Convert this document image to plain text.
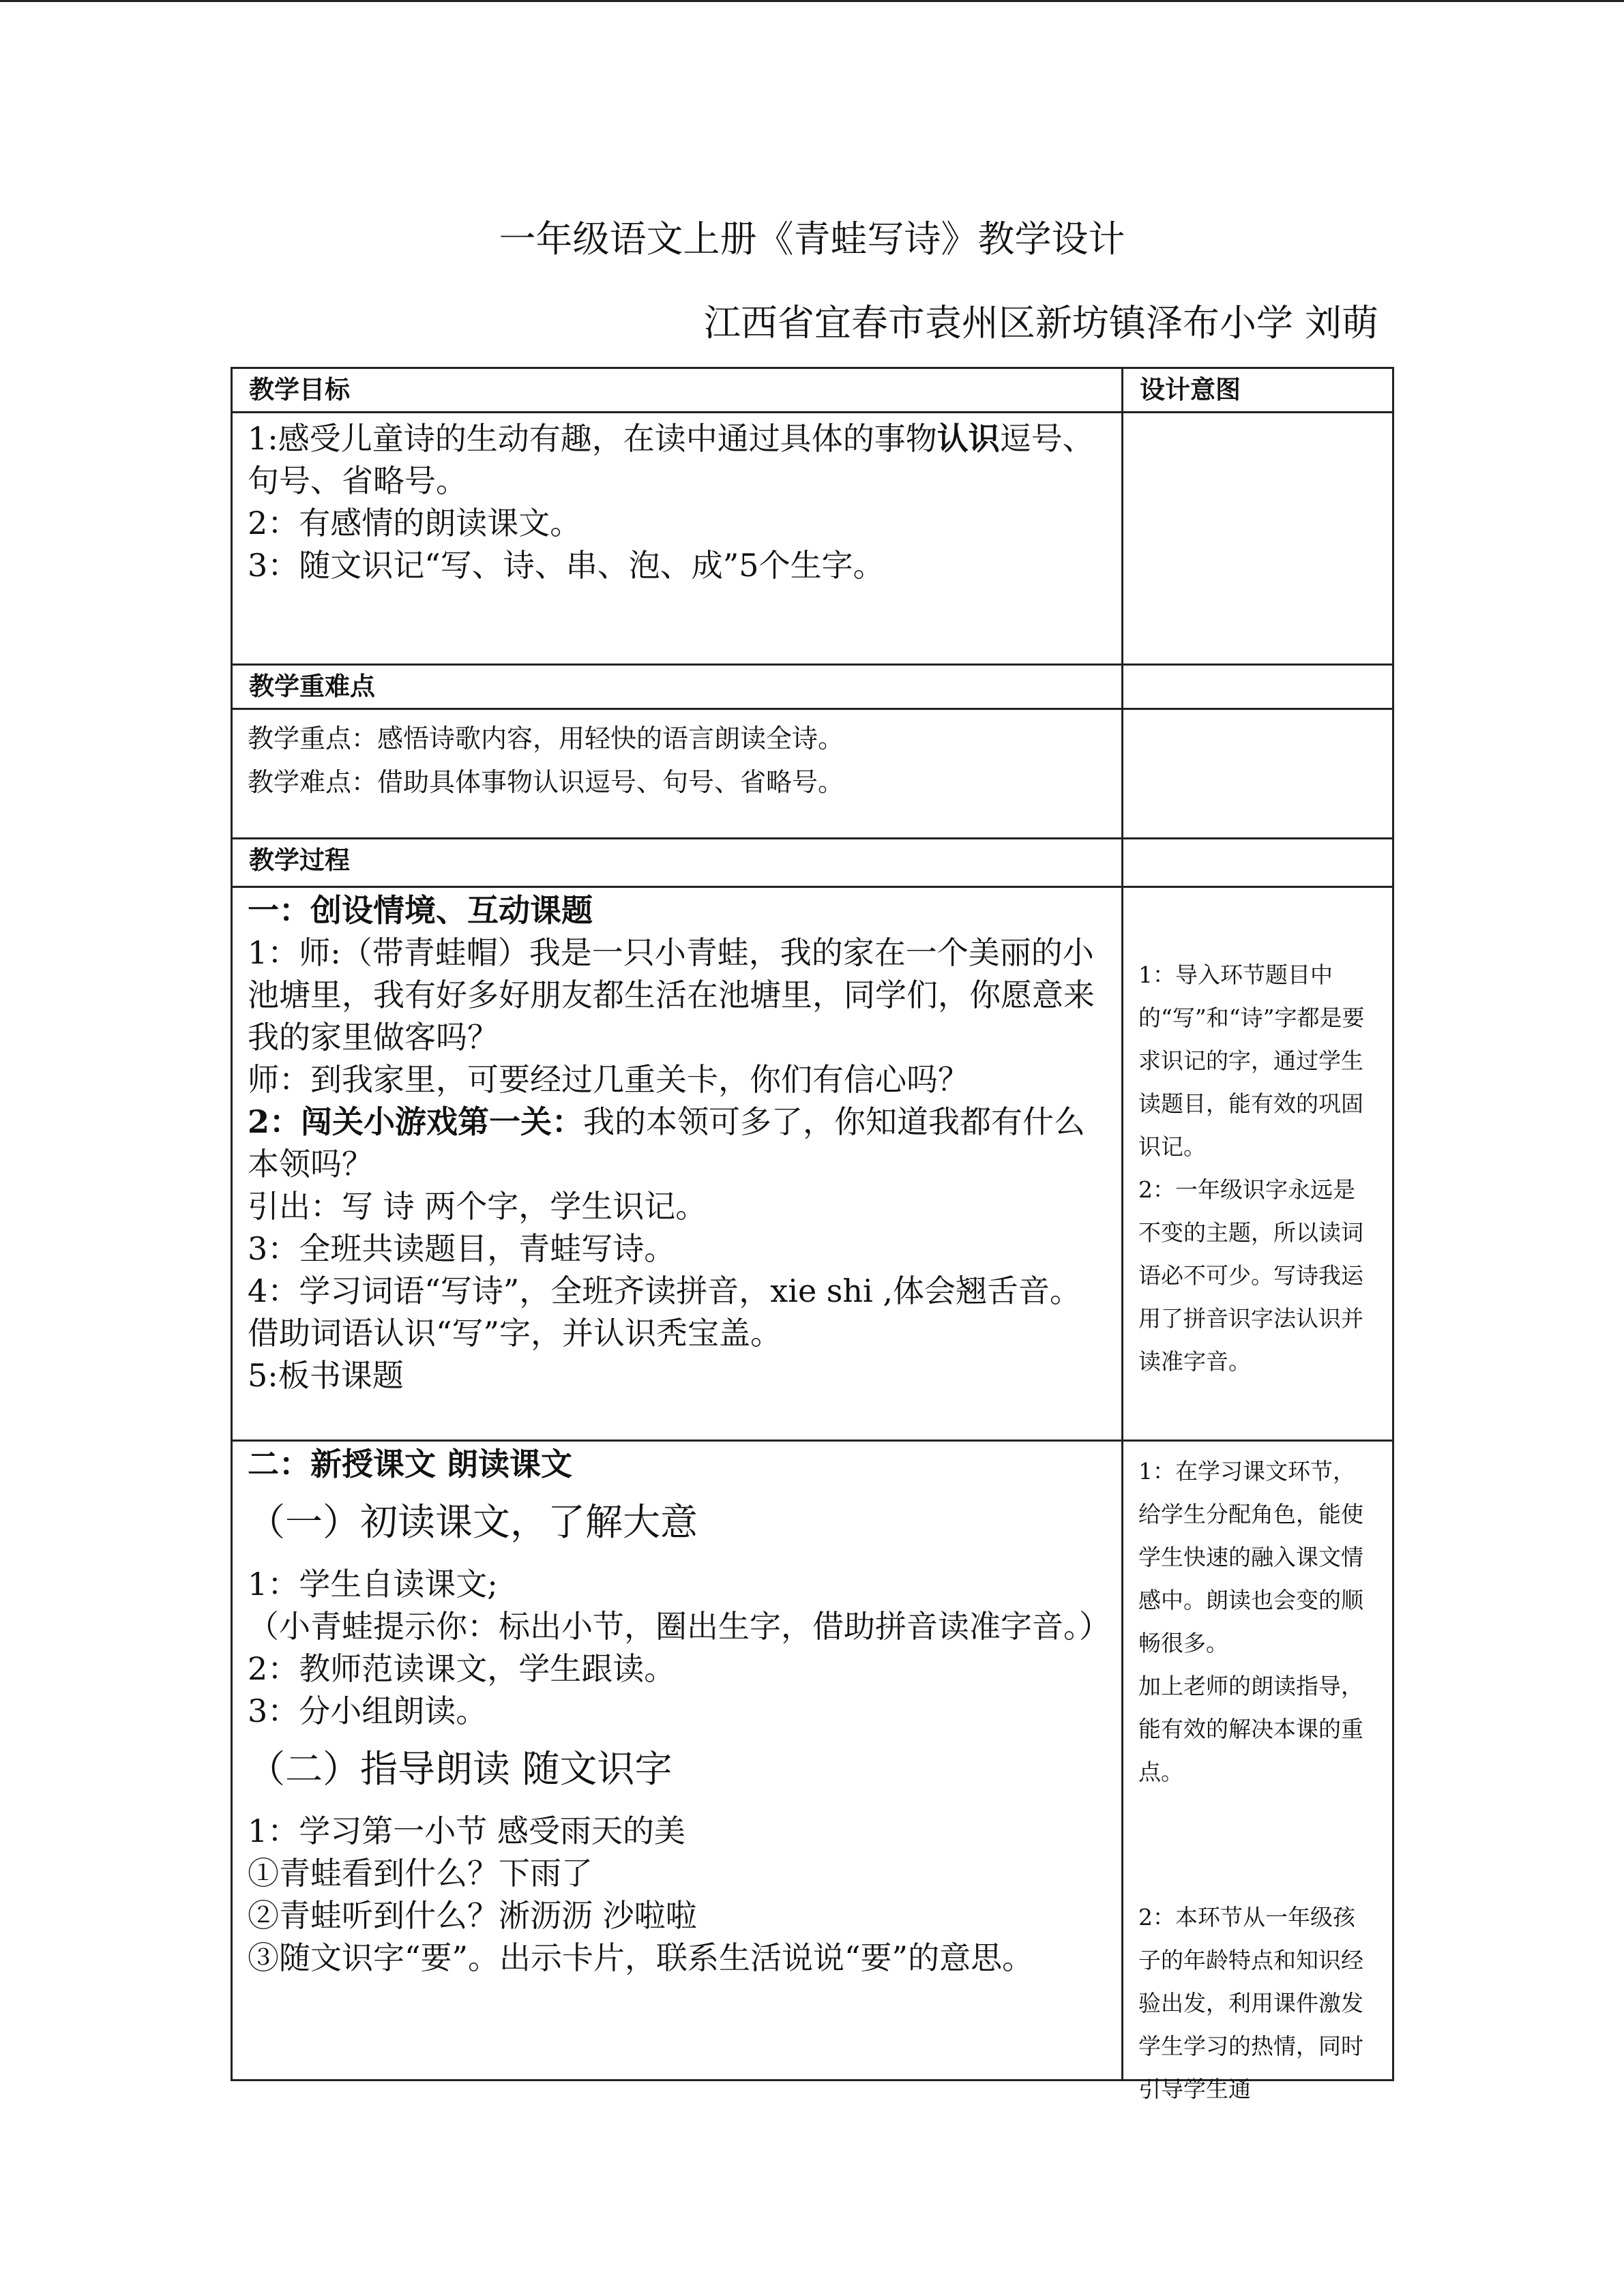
一年级语文上册《青蛙写诗》教学设计
江西省宜春市袁州区新坊镇泽布小学 刘萌
教学目标	设计意图

1:感受儿童诗的生动有趣，在读中通过具体的事物认识逗号、句号、省略号。

2：有感情的朗读课文。

3：随文识记“写、诗、串、泡、成”5个生字。

教学重难点

教学重点：感悟诗歌内容，用轻快的语言朗读全诗。

教学难点：借助具体事物认识逗号、句号、省略号。

教学过程

一：创设情境、互动课题

1：师:（带青蛙帽）我是一只小青蛙，我的家在一个美丽的小池塘里，我有好多好朋友都生活在池塘里，同学们，你愿意来我的家里做客吗？

师：到我家里，可要经过几重关卡，你们有信心吗？

2：闯关小游戏第一关：我的本领可多了，你知道我都有什么本领吗？

引出：写 诗 两个字，学生识记。

3：全班共读题目，青蛙写诗。

4：学习词语“写诗”，全班齐读拼音，xie shi ,体会翘舌音。

借助词语认识“写”字，并认识秃宝盖。

5:板书课题

1：导入环节题目中的“写”和“诗”字都是要求识记的字，通过学生读题目，能有效的巩固识记。

2：一年级识字永远是不变的主题，所以读词语必不可少。写诗我运用了拼音识字法认识并读准字音。

二：新授课文 朗读课文

（一）初读课文，了解大意

1：学生自读课文;

（小青蛙提示你：标出小节，圈出生字，借助拼音读准字音。）

2：教师范读课文，学生跟读。

3：分小组朗读。

（二）指导朗读 随文识字

1：学习第一小节 感受雨天的美

①青蛙看到什么？下雨了

②青蛙听到什么？淅沥沥 沙啦啦

③随文识字“要”。出示卡片，联系生活说说“要”的意思。

1：在学习课文环节，给学生分配角色，能使学生快速的融入课文情感中。朗读也会变的顺畅很多。

加上老师的朗读指导，能有效的解决本课的重点。

2：本环节从一年级孩子的年龄特点和知识经验出发，利用课件激发学生学习的热情，同时引导学生通
